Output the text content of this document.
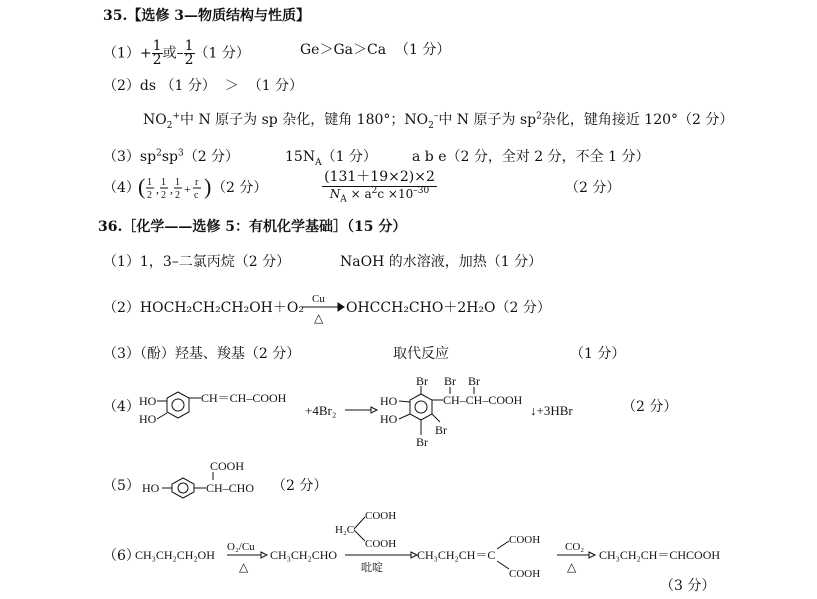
35.【选修 3—物质结构与性质】
$(1)+ \frac{1}{2}$ 或– $\frac{1}{2} (1$ 分）	Ge＞Ga＞Ca （1 分）
（2）ds （1 分） ＞ （1 分）
$NO_2^+$中 N 原子为 sp 杂化，键角 180°；$NO_2^-$中 N 原子为 $sp^2$杂化，键角接近 120°（2 分）
$(3)sp^2sp^3(2$ 分）	$15N_A(1$ 分）	a b e（2 分，全对 2 分，不全 1 分）
（4）
( 1
2 , 1
2 , 1
2 + r
c ) （2 分）
(131＋19×2)×2
$N_A \times a^2c \times 10^{-30}$	（2 分）
36.［化学——选修 5：有机化学基础］（15 分）
（1）1，3–二氯丙烷（2 分）	NaOH 的水溶液，加热（1 分）
（2）HOCH₂CH₂CH₂OH＋O₂
Cu
△
OHCCH₂CHO＋2H₂O（2 分）
（3）（酚）羟基、羧基（2 分）	取代反应	（1 分）
（4） HO
HO
CH＝CH–COOH
+4Br₂
HO
HO
Br
Br
Br
CH–CH–COOH
Br Br
↓+3HBr	（2 分）
（5） HO	CH–CHO
COOH
（2 分）
（6）
CH₃CH₂CH₂OH
O₂/Cu
△
CH₃CH₂CHO
COOH
H₂C
COOH
吡啶
CH₃CH₂CH＝C
COOH
COOH
CO₂
△
CH₃CH₂CH＝CHCOOH
（3 分）
